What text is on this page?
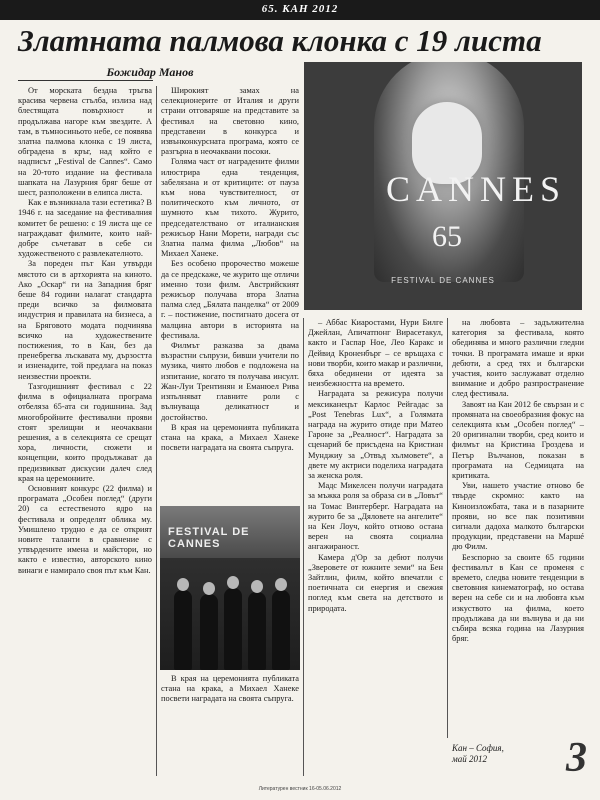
65. КАН 2012
Златната палмова клонка с 19 листа
Божидар Манов
CANNES
65
FESTIVAL DE CANNES

От морската бездна тръгва красива червена стълба, излиза над блестящата повърхност и продължава нагоре към звездите. А там, в тъмносиньото небе, се появява златна палмова клонка с 19 листа, обградена в кръг, над който е надписът „Festival de Cannes“. Само на 20-тото издание на фестивала шапката на Лазурния бряг беше от шест, разположени в елипса листа.

Как е възникнала тази естетика? В 1946 г. на заседание на фестивалния комитет бе решено: с 19 листа ще се награждават филмите, които най-добре съчетават в себе си художественото с развлекателното.

За пореден път Кан утвърди мястото си в артхорията на киното. Ако „Оскар“ ги на Западния бряг беше 84 години налагат стандарта преди всичко за филмовата индустрия и правилата на бизнеса, а на Бряговото модата подчинява всичко на художествените постижения, то в Кан, без да пренебрегва лъскавата му, дързостта и изненадите, той предлага на показ неизвестни проекти.

Тазгодишният фестивал с 22 филма в официалната програма отбеляза 65-ата си годишнина. Зад многобройните фестивални прояви стоят зрелищни и неочаквани решения, а в селекцията се срещат хора, личности, сюжети и концепции, които продължават да предизвикват дискусии далеч след края на церемониите.

Основният конкурс (22 филма) и програмата „Особен поглед“ (други 20) са естественото ядро на фестивала и определят облика му. Умишлено трудно е да се открият новите таланти в сравнение с утвърдените имена и майстори, но както е известно, авторското кино винаги е намирало своя път към Кан.

Широкият замах на селекционерите от Италия и други страни отговаряше на представите за фестивал на световно кино, представени в конкурса и извънконкурсната програма, която се разгърна в неочаквани посоки.

Голяма част от наградените филми илюстрира една тенденция, забелязана и от критиците: от пауза към нова чувствителност, от политическото към личното, от шумното към тихото. Журито, председателствано от италианския режисьор Нани Морети, награди със Златна палма филма „Любов“ на Михаел Ханеке.

Без особено пророчество можеше да се предскаже, че журито ще отличи именно този филм. Австрийският режисьор получава втора Златна палма след „Бялата панделка“ от 2009 г. – постижение, постигнато досега от малцина автори в историята на фестивала.

Филмът разказва за двама възрастни съпрузи, бивши учители по музика, чиято любов е подложена на изпитание, когато тя получава инсулт. Жан-Луи Трентинян и Еманюел Рива изпълняват главните роли с вълнуваща деликатност и достойнство.

В края на церемонията публиката стана на крака, а Михаел Ханеке посвети наградата на своята съпруга.

FESTIVAL DE CANNES

В края на церемонията публиката стана на крака, а Михаел Ханеке посвети наградата на своята съпруга.

– Аббас Киаростами, Нури Билге Джейлан, Апичатпонг Вирасетакул, както и Гаспар Ное, Лео Каракс и Дейвид Кроненбърг – се връщаха с нови творби, които макар и различни, бяха обединени от идеята за неизбежността на времето.

Наградата за режисура получи мексиканецът Карлос Рейгадас за „Post Tenebras Lux“, а Голямата награда на журито отиде при Матео Гароне за „Реалност“. Наградата за сценарий бе присъдена на Кристиан Мунджиу за „Отвъд хълмовете“, а двете му актриси поделиха наградата за женска роля.

Мадс Микелсен получи наградата за мъжка роля за образа си в „Ловът“ на Томас Винтерберг. Наградата на журито бе за „Дяловете на ангелите“ на Кен Лоуч, който отново остана верен на своята социална ангажираност.

Камера д'Ор за дебют получи „Зверовете от южните земи“ на Бен Зайтлин, филм, който впечатли с поетичната си енергия и свежия поглед към света на детството и природата.

на любовта – задължителна категория за фестивала, която обединява и много различни гледни точки. В програмата имаше и ярки дебюти, а сред тях и български участия, които заслужават отделно внимание и добро разпространение след фестивала.

Завоят на Кан 2012 бе свързан и с промяната на своеобразния фокус на селекцията към „Особен поглед“ – 20 оригинални творби, сред които и филмът на Кристина Гроздева и Петър Вълчанов, показан в програмата на Седмицата на критиката.

Уви, нашето участие отново бе твърде скромно: както на Киноизложбата, така и в пазарните прояви, но все пак позитивни сигнали дадоха малкото български продукции, представени на Маршé дю Филм.

Безспорно за своите 65 години фестивалът в Кан се променя с времето, следва новите тенденции в световния кинематограф, но остава верен на себе си и на любовта към изкуството на филма, което продължава да ни вълнува и да ни събира всяка година на Лазурния бряг.

Кан – София,
май 2012	3
Литературен вестник 16-05.06.2012
